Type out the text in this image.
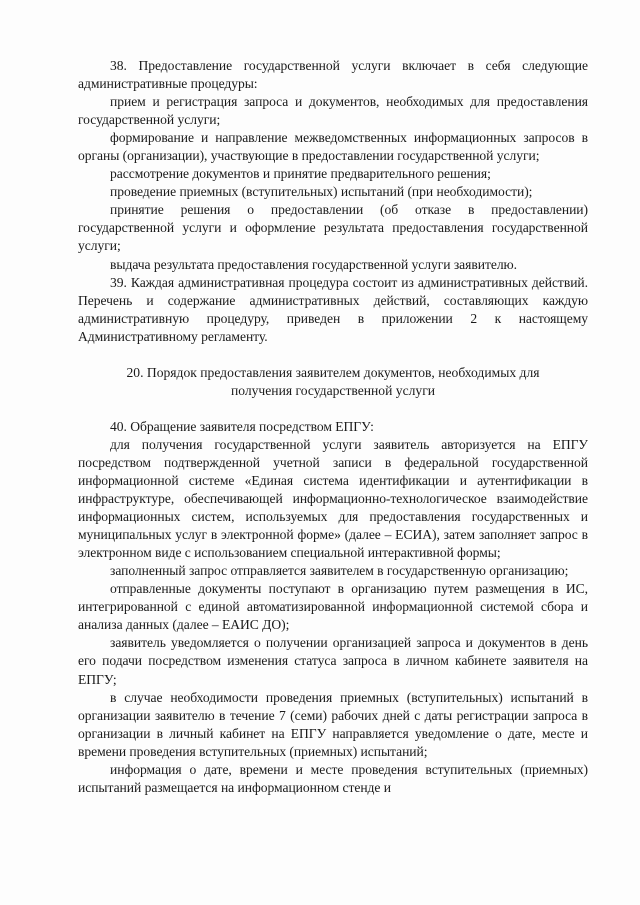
38. Предоставление государственной услуги включает в себя следующие административные процедуры:

прием и регистрация запроса и документов, необходимых для предоставления государственной услуги;

формирование и направление межведомственных информационных запросов в органы (организации), участвующие в предоставлении государственной услуги;

рассмотрение документов и принятие предварительного решения;

проведение приемных (вступительных) испытаний (при необходимости);

принятие решения о предоставлении (об отказе в предоставлении) государственной услуги и оформление результата предоставления государственной услуги;

выдача результата предоставления государственной услуги заявителю.

39. Каждая административная процедура состоит из административных действий. Перечень и содержание административных действий, составляющих каждую административную процедуру, приведен в приложении 2 к настоящему Административному регламенту.

20. Порядок предоставления заявителем документов, необходимых для
получения государственной услуги

40. Обращение заявителя посредством ЕПГУ:

для получения государственной услуги заявитель авторизуется на ЕПГУ посредством подтвержденной учетной записи в федеральной государственной информационной системе «Единая система идентификации и аутентификации в инфраструктуре, обеспечивающей информационно-технологическое взаимодействие информационных систем, используемых для предоставления государственных и муниципальных услуг в электронной форме» (далее – ЕСИА), затем заполняет запрос в электронном виде с использованием специальной интерактивной формы;

заполненный запрос отправляется заявителем в государственную организацию;

отправленные документы поступают в организацию путем размещения в ИС, интегрированной с единой автоматизированной информационной системой сбора и анализа данных (далее – ЕАИС ДО);

заявитель уведомляется о получении организацией запроса и документов в день его подачи посредством изменения статуса запроса в личном кабинете заявителя на ЕПГУ;

в случае необходимости проведения приемных (вступительных) испытаний в организации заявителю в течение 7 (семи) рабочих дней с даты регистрации запроса в организации в личный кабинет на ЕПГУ направляется уведомление о дате, месте и времени проведения вступительных (приемных) испытаний;

информация о дате, времени и месте проведения вступительных (приемных) испытаний размещается на информационном стенде и
